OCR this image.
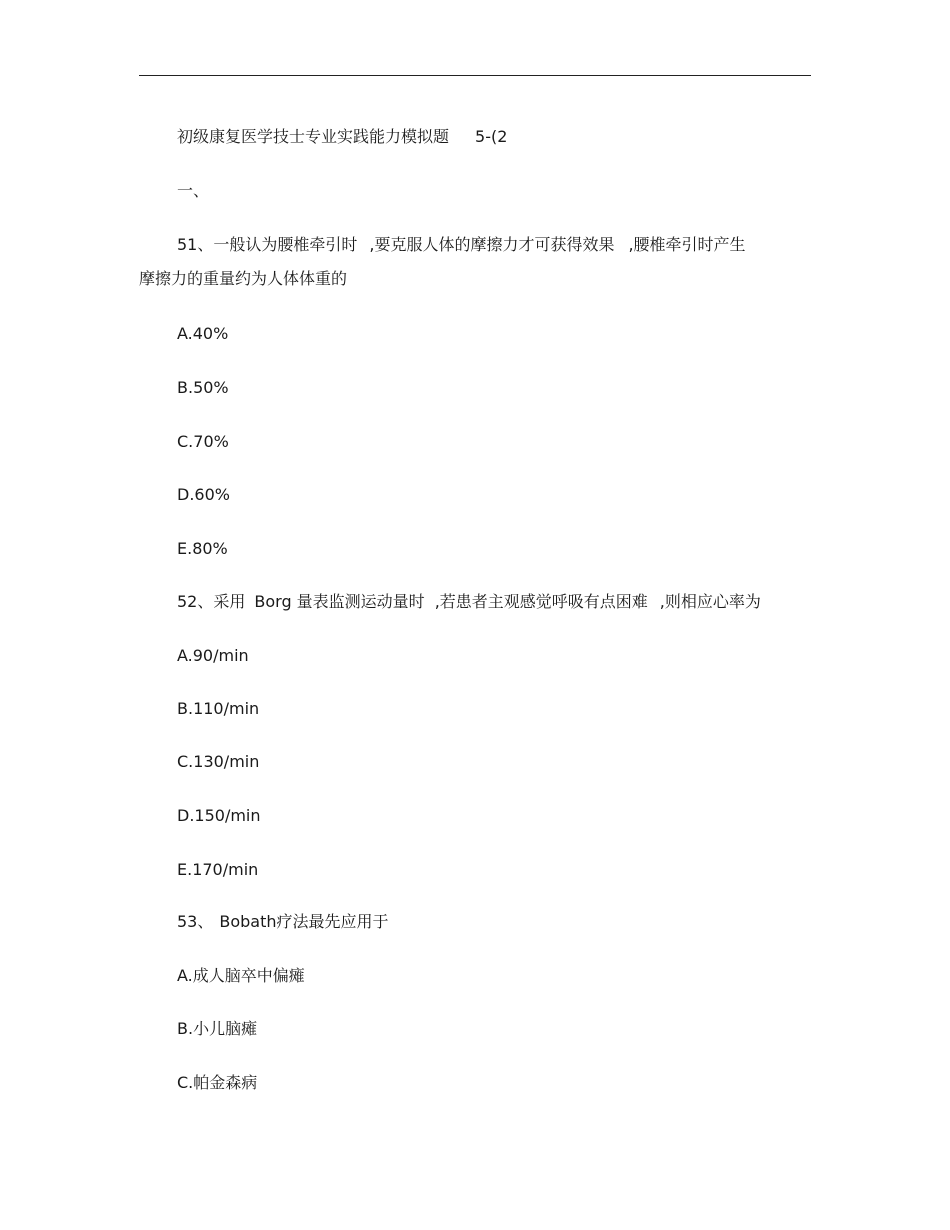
初级康复医学技士专业实践能力模拟题 5-(2
一、
51、一般认为腰椎牵引时 ,要克服人体的摩擦力才可获得效果 ,腰椎牵引时产生
摩擦力的重量约为人体体重的
A.40%
B.50%
C.70%
D.60%
E.80%
52、采用 Borg 量表监测运动量时 ,若患者主观感觉呼吸有点困难 ,则相应心率为
A.90/min
B.110/min
C.130/min
D.150/min
E.170/min
53、 Bobath疗法最先应用于
A.成人脑卒中偏瘫
B.小儿脑瘫
C.帕金森病
